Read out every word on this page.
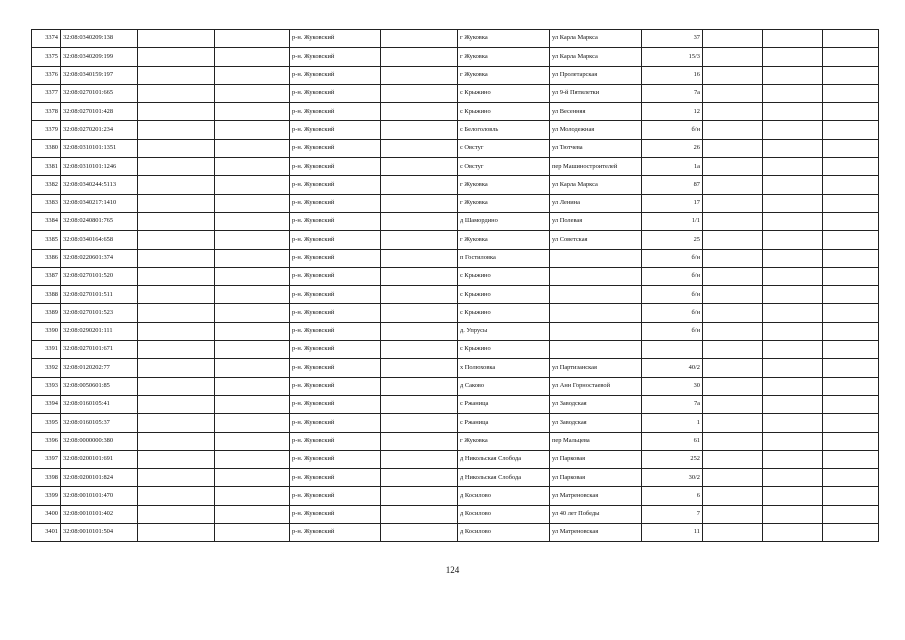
3374	32:08:0340209:138			р-н. Жуковский		г Жуковка	ул Карла Маркса	37			
3375	32:08:0340209:199			р-н. Жуковский		г Жуковка	ул Карла Маркса	15/3			
3376	32:08:0340159:197			р-н. Жуковский		г Жуковка	ул Пролетарская	16			
3377	32:08:0270101:665			р-н. Жуковский		с Крыжино	ул 9-й Пятилетки	7а			
3378	32:08:0270101:428			р-н. Жуковский		с Крыжино	ул Весенняя	12			
3379	32:08:0270201:234			р-н. Жуковский		с Белоголовль	ул Молодежная	б/н			
3380	32:08:0310101:1351			р-н. Жуковский		с Овстуг	ул Тютчева	26			
3381	32:08:0310101:1246			р-н. Жуковский		с Овстуг	пер Машиностроителей	1а			
3382	32:08:0340244:5113			р-н. Жуковский		г Жуковка	ул Карла Маркса	87			
3383	32:08:0340217:1410			р-н. Жуковский		г Жуковка	ул Ленина	17			
3384	32:08:0240801:765			р-н. Жуковский		д Шамордино	ул Полевая	1/1			
3385	32:08:0340164:658			р-н. Жуковский		г Жуковка	ул Советская	25			
3386	32:08:0220601:374			р-н. Жуковский		п Гостиловка		б/н			
3387	32:08:0270101:520			р-н. Жуковский		с Крыжино		б/н			
3388	32:08:0270101:511			р-н. Жуковский		с Крыжино		б/н			
3389	32:08:0270101:523			р-н. Жуковский		с Крыжино		б/н			
3390	32:08:0290201:111			р-н. Жуковский		д. Упрусы		б/н			
3391	32:08:0270101:671			р-н. Жуковский		с Крыжино					
3392	32:08:0120202:77			р-н. Жуковский		х Полюховка	ул Партизанская	40/2			
3393	32:08:0050601:85			р-н. Жуковский		д Саково	ул Анн Горностаевой	30			
3394	32:08:0160105:41			р-н. Жуковский		с Ржаница	ул Заводская	7а			
3395	32:08:0160105:37			р-н. Жуковский		с Ржаница	ул Заводская	1			
3396	32:08:0000000:380			р-н. Жуковский		г Жуковка	пер Мальцева	61			
3397	32:08:0200101:691			р-н. Жуковский		д Никольская Слобода	ул Парковая	252			
3398	32:08:0200101:824			р-н. Жуковский		д Никольская Слобода	ул Парковая	30/2			
3399	32:08:0010101:470			р-н. Жуковский		д Косилово	ул Матреновская	6			
3400	32:08:0010101:402			р-н. Жуковский		д Косилово	ул 40 лет Победы	7			
3401	32:08:0010101:504			р-н. Жуковский		д Косилово	ул Матреновская	11			
124
